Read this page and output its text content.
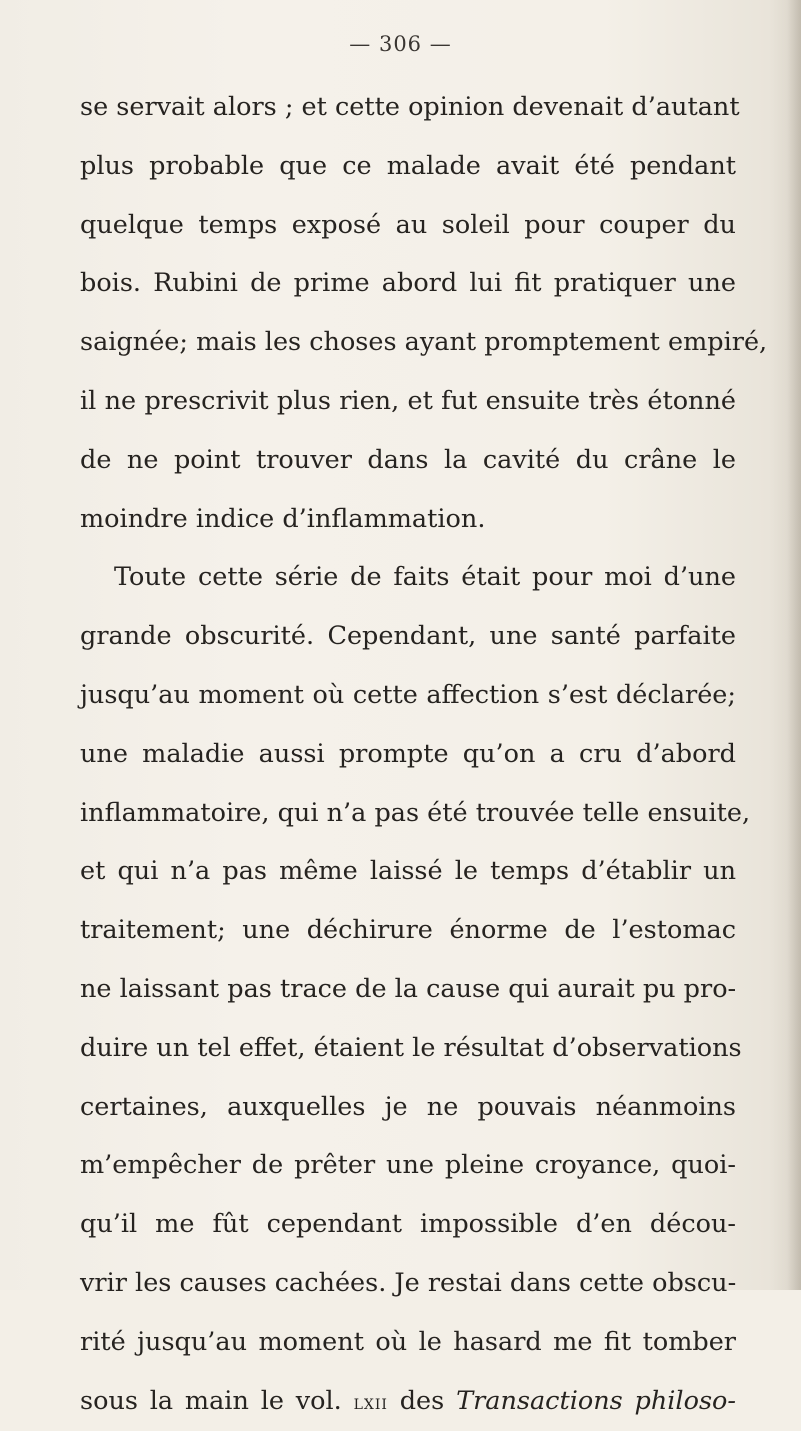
— 306 —
se servait alors ; et cette opinion devenait d’autant
plus probable que ce malade avait été pendant
quelque temps exposé au soleil pour couper du
bois. Rubini de prime abord lui fit pratiquer une
saignée; mais les choses ayant promptement empiré,
il ne prescrivit plus rien, et fut ensuite très étonné
de ne point trouver dans la cavité du crâne le
moindre indice d’inflammation.
Toute cette série de faits était pour moi d’une
grande obscurité. Cependant, une santé parfaite
jusqu’au moment où cette affection s’est déclarée;
une maladie aussi prompte qu’on a cru d’abord
inflammatoire, qui n’a pas été trouvée telle ensuite,
et qui n’a pas même laissé le temps d’établir un
traitement; une déchirure énorme de l’estomac
ne laissant pas trace de la cause qui aurait pu pro-
duire un tel effet, étaient le résultat d’observations
certaines, auxquelles je ne pouvais néanmoins
m’empêcher de prêter une pleine croyance, quoi-
qu’il me fût cependant impossible d’en décou-
vrir les causes cachées. Je restai dans cette obscu-
rité jusqu’au moment où le hasard me fit tomber
sous la main le vol. lxii des Transactions philoso-
